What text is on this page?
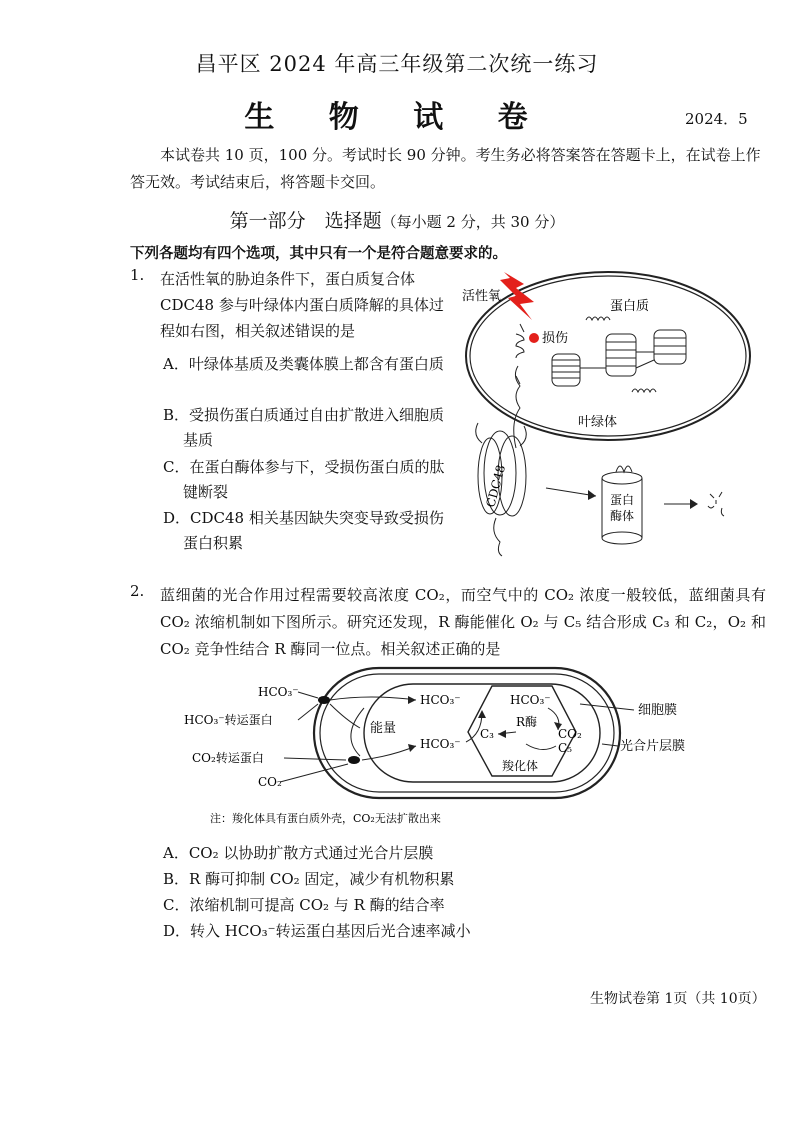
昌平区 2024 年高三年级第二次统一练习
生 物 试 卷	2024．5
本试卷共 10 页，100 分。考试时长 90 分钟。考生务必将答案答在答题卡上，在试卷上作答无效。考试结束后，将答题卡交回。
第一部分　选择题（每小题 2 分，共 30 分）
下列各题均有四个选项，其中只有一个是符合题意要求的。
1. 在活性氧的胁迫条件下，蛋白质复合体 CDC48 参与叶绿体内蛋白质降解的具体过程如右图，相关叙述错误的是
A．叶绿体基质及类囊体膜上都含有蛋白质
B．受损伤蛋白质通过自由扩散进入细胞质基质
C．在蛋白酶体参与下，受损伤蛋白质的肽键断裂
D．CDC48 相关基因缺失突变导致受损伤蛋白积累
活性氧
蛋白质
损伤
叶绿体
CDC48	蛋白
酶体
2. 蓝细菌的光合作用过程需要较高浓度 CO₂，而空气中的 CO₂ 浓度一般较低，蓝细菌具有 CO₂ 浓缩机制如下图所示。研究还发现，R 酶能催化 O₂ 与 C₅ 结合形成 C₃ 和 C₂，O₂ 和 CO₂ 竞争性结合 R 酶同一位点。相关叙述正确的是
HCO₃⁻
HCO₃⁻转运蛋白
CO₂转运蛋白
CO₂
能量
HCO₃⁻
HCO₃⁻
HCO₃⁻
R酶
C₃	CO₂
C₅
羧化体
细胞膜
光合片层膜
注：羧化体具有蛋白质外壳，CO₂无法扩散出来
A．CO₂ 以协助扩散方式通过光合片层膜
B．R 酶可抑制 CO₂ 固定，减少有机物积累
C．浓缩机制可提高 CO₂ 与 R 酶的结合率
D．转入 HCO₃⁻转运蛋白基因后光合速率减小
生物试卷第 1页（共 10页）
